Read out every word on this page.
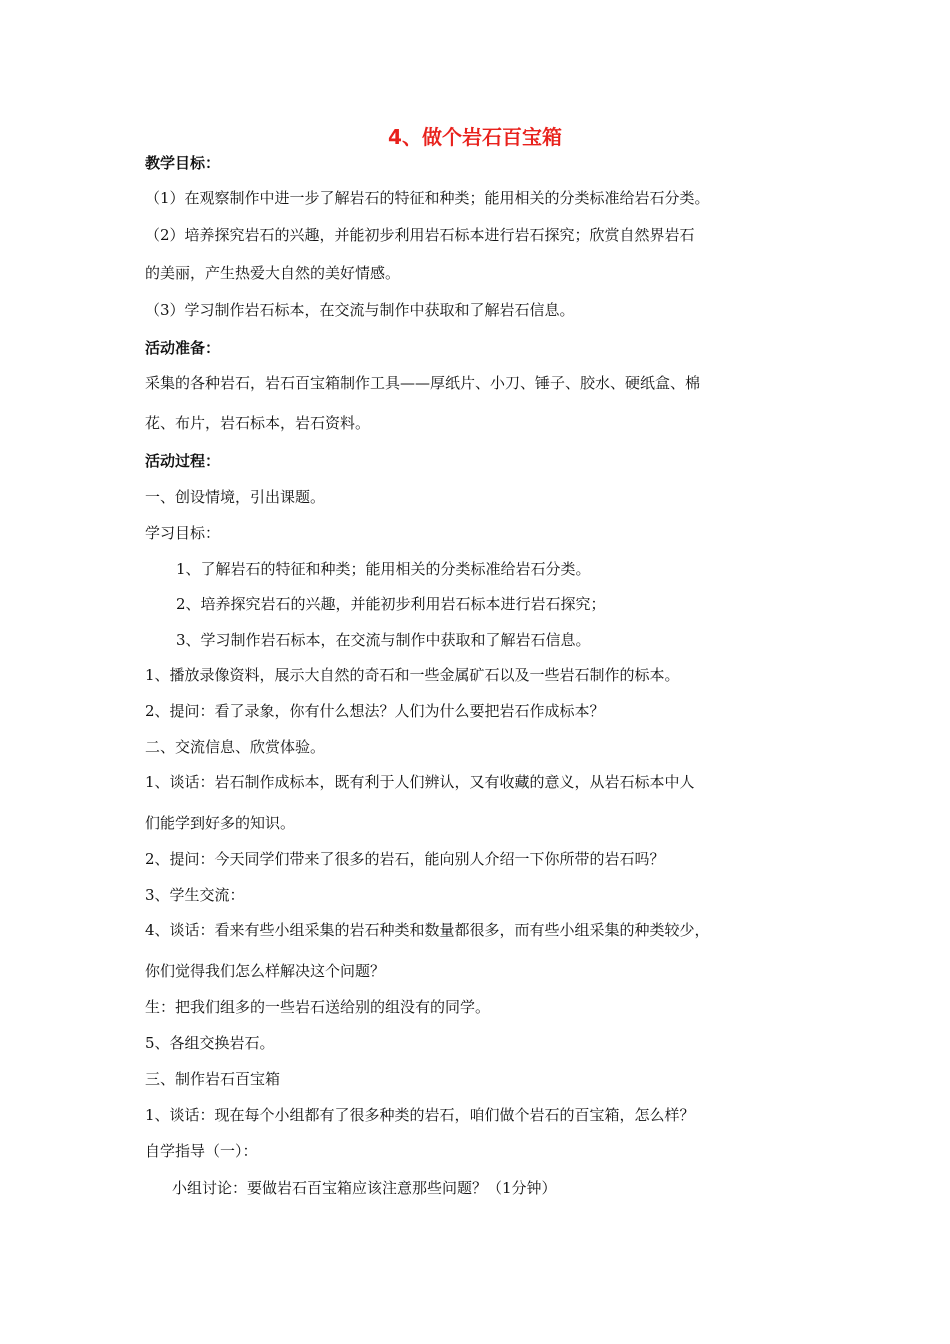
4、做个岩石百宝箱
教学目标：
（1）在观察制作中进一步了解岩石的特征和种类；能用相关的分类标准给岩石分类。
（2）培养探究岩石的兴趣，并能初步利用岩石标本进行岩石探究；欣赏自然界岩石
的美丽，产生热爱大自然的美好情感。
（3）学习制作岩石标本，在交流与制作中获取和了解岩石信息。
活动准备：
采集的各种岩石，岩石百宝箱制作工具——厚纸片、小刀、锤子、胶水、硬纸盒、棉
花、布片，岩石标本，岩石资料。
活动过程：
一、创设情境，引出课题。
学习目标：
1、了解岩石的特征和种类；能用相关的分类标准给岩石分类。
2、培养探究岩石的兴趣，并能初步利用岩石标本进行岩石探究；
3、学习制作岩石标本，在交流与制作中获取和了解岩石信息。
1、播放录像资料，展示大自然的奇石和一些金属矿石以及一些岩石制作的标本。
2、提问：看了录象，你有什么想法？人们为什么要把岩石作成标本？
二、交流信息、欣赏体验。
1、谈话：岩石制作成标本，既有利于人们辨认，又有收藏的意义，从岩石标本中人
们能学到好多的知识。
2、提问：今天同学们带来了很多的岩石，能向别人介绍一下你所带的岩石吗？
3、学生交流：
4、谈话：看来有些小组采集的岩石种类和数量都很多，而有些小组采集的种类较少，
你们觉得我们怎么样解决这个问题？
生：把我们组多的一些岩石送给别的组没有的同学。
5、各组交换岩石。
三、制作岩石百宝箱
1、谈话：现在每个小组都有了很多种类的岩石，咱们做个岩石的百宝箱，怎么样？
自学指导（一）：
小组讨论：要做岩石百宝箱应该注意那些问题？（1分钟）
